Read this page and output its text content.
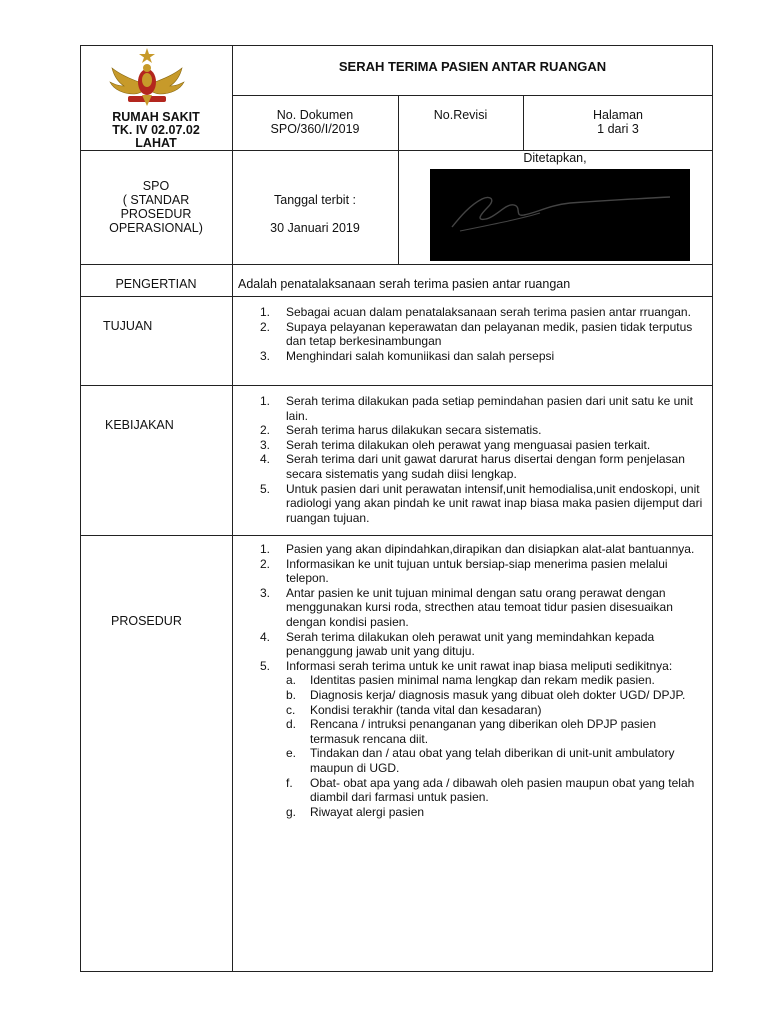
RUMAH SAKIT
TK. IV 02.07.02
LAHAT
SERAH TERIMA PASIEN ANTAR RUANGAN
No. Dokumen
SPO/360/I/2019
No.Revisi	Halaman
1 dari 3
SPO
( STANDAR
PROSEDUR
OPERASIONAL)
Tanggal terbit :
30 Januari 2019
Ditetapkan,
PENGERTIAN	Adalah penatalaksanaan serah terima pasien antar ruangan
TUJUAN
1. Sebagai acuan dalam penatalaksanaan serah terima pasien antar rruangan.
2. Supaya pelayanan keperawatan dan pelayanan medik, pasien tidak terputus dan tetap berkesinambungan
3. Menghindari salah komuniikasi dan salah persepsi
KEBIJAKAN
1. Serah terima dilakukan pada setiap pemindahan pasien dari unit satu ke unit lain.
2. Serah terima harus dilakukan secara sistematis.
3. Serah terima dilakukan oleh perawat yang menguasai pasien terkait.
4. Serah terima dari unit gawat darurat harus disertai dengan form penjelasan secara sistematis yang sudah diisi lengkap.
5. Untuk pasien dari unit perawatan intensif,unit hemodialisa,unit endoskopi, unit radiologi yang akan pindah ke unit rawat inap biasa maka pasien dijemput dari ruangan tujuan.
PROSEDUR
1. Pasien yang akan dipindahkan,dirapikan dan disiapkan alat-alat bantuannya.
2. Informasikan ke unit tujuan untuk bersiap-siap menerima pasien melalui telepon.
3. Antar pasien ke unit tujuan minimal dengan satu orang perawat dengan menggunakan kursi roda, strecthen atau temoat tidur pasien disesuaikan dengan kondisi pasien.
4. Serah terima dilakukan oleh perawat unit yang memindahkan kepada penanggung jawab unit yang dituju.
5. Informasi serah terima untuk ke unit rawat inap biasa meliputi sedikitnya:
a. Identitas pasien minimal nama lengkap dan rekam medik pasien.
b. Diagnosis kerja/ diagnosis masuk yang dibuat oleh dokter UGD/ DPJP.
c. Kondisi terakhir (tanda vital dan kesadaran)
d. Rencana / intruksi penanganan yang diberikan oleh DPJP pasien termasuk rencana diit.
e. Tindakan dan / atau obat yang telah diberikan di unit-unit ambulatory maupun di UGD.
f. Obat- obat apa yang ada / dibawah oleh pasien maupun obat yang telah diambil dari farmasi untuk pasien.
g. Riwayat alergi pasien
